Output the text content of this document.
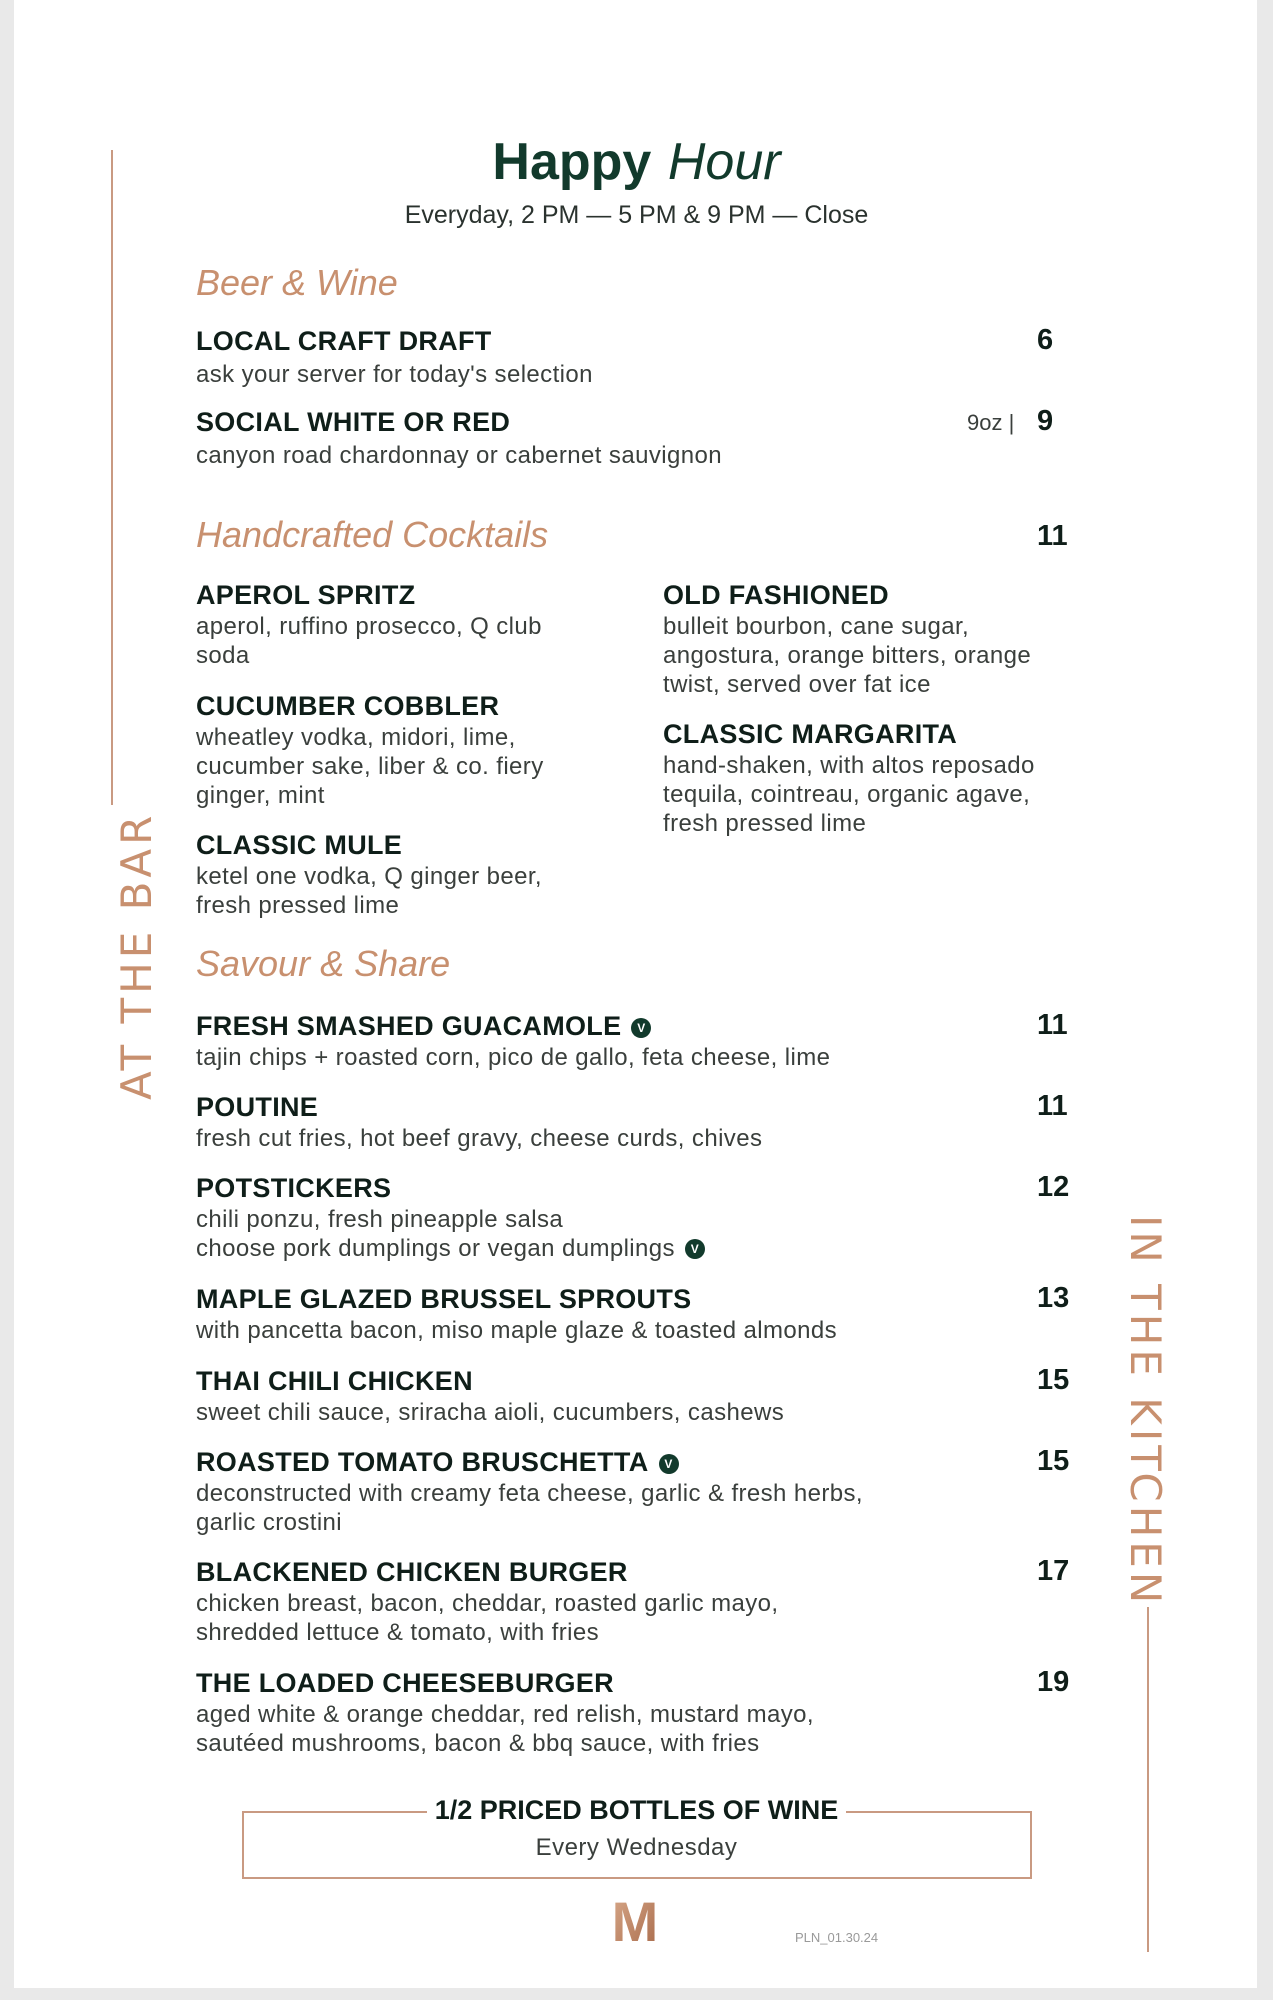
AT THE BAR
IN THE KITCHEN
Happy Hour
Everyday, 2 PM — 5 PM & 9 PM — Close
Beer & Wine
LOCAL CRAFT DRAFT
ask your server for today's selection
6
SOCIAL WHITE OR RED
canyon road chardonnay or cabernet sauvignon
9oz | 9
Handcrafted Cocktails	11
APEROL SPRITZ
aperol, ruffino prosecco, Q club soda
CUCUMBER COBBLER
wheatley vodka, midori, lime, cucumber sake, liber & co. fiery ginger, mint
CLASSIC MULE
ketel one vodka, Q ginger beer, fresh pressed lime
OLD FASHIONED
bulleit bourbon, cane sugar, angostura, orange bitters, orange twist, served over fat ice
CLASSIC MARGARITA
hand-shaken, with altos reposado tequila, cointreau, organic agave, fresh pressed lime
Savour & Share
FRESH SMASHED GUACAMOLE V
tajin chips + roasted corn, pico de gallo, feta cheese, lime
11
POUTINE
fresh cut fries, hot beef gravy, cheese curds, chives
11
POTSTICKERS
chili ponzu, fresh pineapple salsa
choose pork dumplings or vegan dumplings V
12
MAPLE GLAZED BRUSSEL SPROUTS
with pancetta bacon, miso maple glaze & toasted almonds
13
THAI CHILI CHICKEN
sweet chili sauce, sriracha aioli, cucumbers, cashews
15
ROASTED TOMATO BRUSCHETTA V
deconstructed with creamy feta cheese, garlic & fresh herbs,
garlic crostini
15
BLACKENED CHICKEN BURGER
chicken breast, bacon, cheddar, roasted garlic mayo,
shredded lettuce & tomato, with fries
17
THE LOADED CHEESEBURGER
aged white & orange cheddar, red relish, mustard mayo,
sautéed mushrooms, bacon & bbq sauce, with fries
19
1/2 PRICED BOTTLES OF WINE
Every Wednesday
M	PLN_01.30.24
